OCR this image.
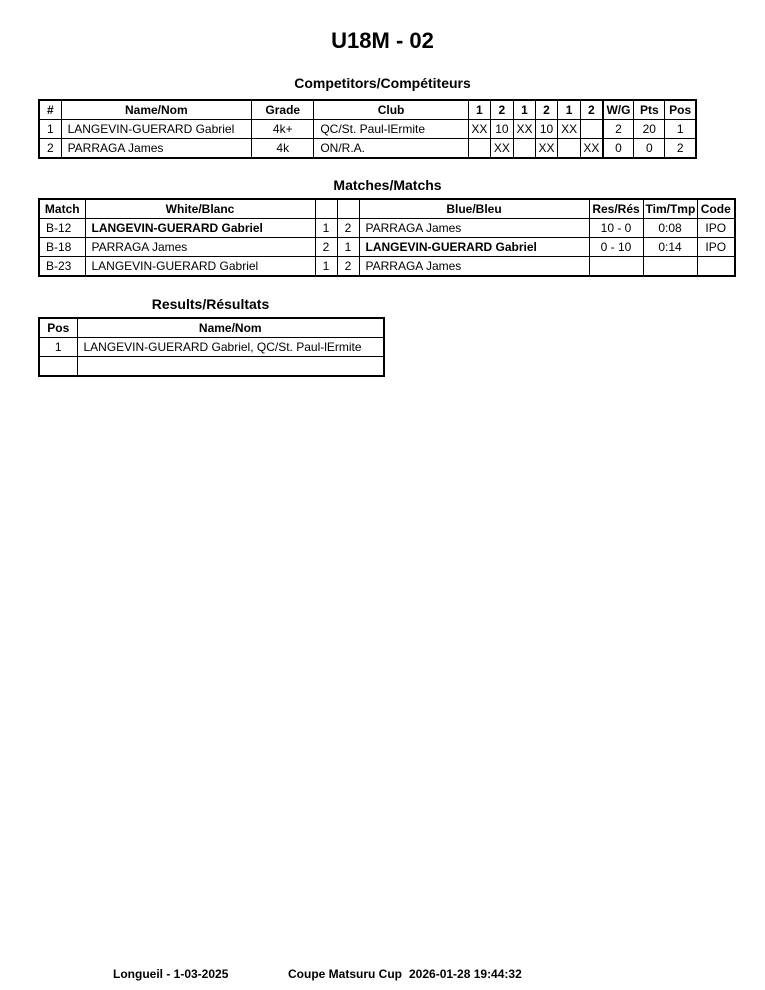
U18M - 02
Competitors/Compétiteurs
#	Name/Nom	Grade	Club	1	2	1	2	1	2	W/G	Pts	Pos
1	LANGEVIN-GUERARD Gabriel	4k+	QC/St. Paul-lErmite	XX	10	XX	10	XX		2	20	1
2	PARRAGA James	4k	ON/R.A.		XX		XX		XX	0	0	2
Matches/Matchs
Match	White/Blanc			Blue/Bleu	Res/Rés	Tim/Tmp	Code
B-12	LANGEVIN-GUERARD Gabriel	1	2	PARRAGA James	10 - 0	0:08	IPO
B-18	PARRAGA James	2	1	LANGEVIN-GUERARD Gabriel	0 - 10	0:14	IPO
B-23	LANGEVIN-GUERARD Gabriel	1	2	PARRAGA James			
Results/Résultats
Pos	Name/Nom
1	LANGEVIN-GUERARD Gabriel, QC/St. Paul-lErmite

Longueil - 1-03-2025	Coupe Matsuru Cup 2026-01-28 19:44:32
